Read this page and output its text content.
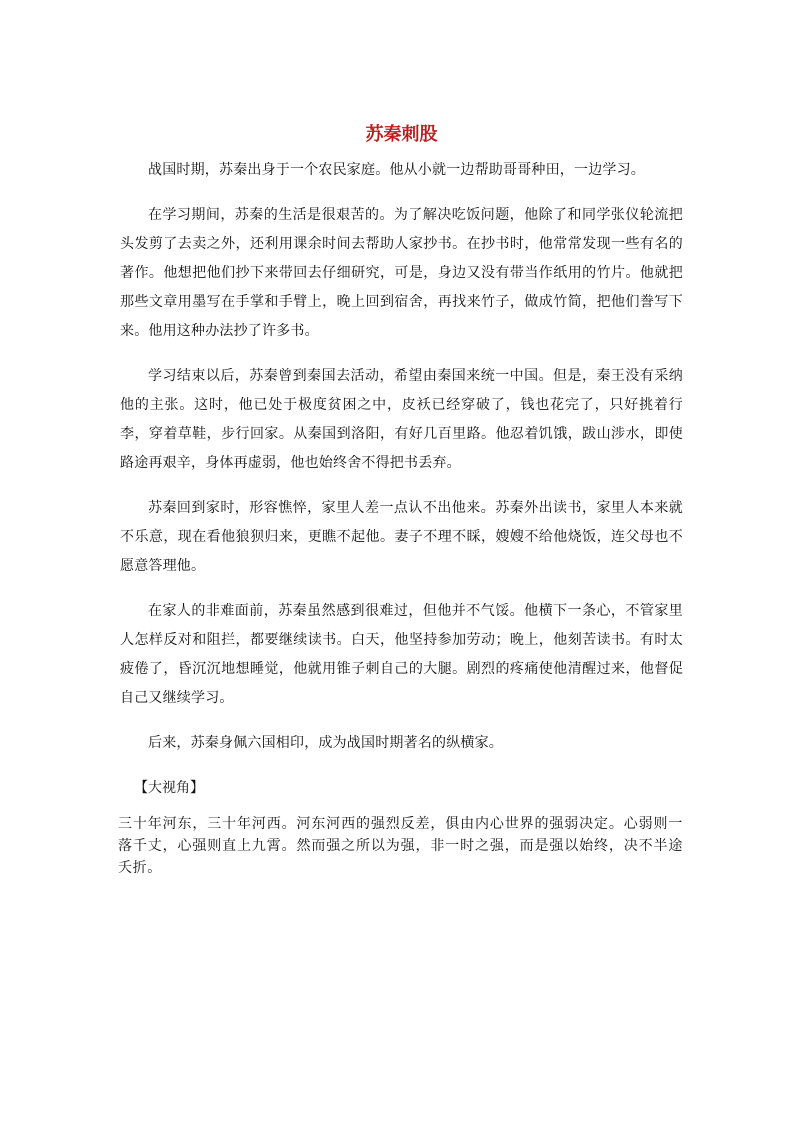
苏秦刺股

战国时期，苏秦出身于一个农民家庭。他从小就一边帮助哥哥种田，一边学习。

在学习期间，苏秦的生活是很艰苦的。为了解决吃饭问题，他除了和同学张仪轮流把头发剪了去卖之外，还利用课余时间去帮助人家抄书。在抄书时，他常常发现一些有名的著作。他想把他们抄下来带回去仔细研究，可是，身边又没有带当作纸用的竹片。他就把那些文章用墨写在手掌和手臂上，晚上回到宿舍，再找来竹子，做成竹简，把他们誊写下来。他用这种办法抄了许多书。

学习结束以后，苏秦曾到秦国去活动，希望由秦国来统一中国。但是，秦王没有采纳他的主张。这时，他已处于极度贫困之中，皮袄已经穿破了，钱也花完了，只好挑着行李，穿着草鞋，步行回家。从秦国到洛阳，有好几百里路。他忍着饥饿，跋山涉水，即使路途再艰辛，身体再虚弱，他也始终舍不得把书丢弃。

苏秦回到家时，形容憔悴，家里人差一点认不出他来。苏秦外出读书，家里人本来就不乐意，现在看他狼狈归来，更瞧不起他。妻子不理不睬，嫂嫂不给他烧饭，连父母也不愿意答理他。

在家人的非难面前，苏秦虽然感到很难过，但他并不气馁。他横下一条心，不管家里人怎样反对和阻拦，都要继续读书。白天，他坚持参加劳动；晚上，他刻苦读书。有时太疲倦了，昏沉沉地想睡觉，他就用锥子刺自己的大腿。剧烈的疼痛使他清醒过来，他督促自己又继续学习。

后来，苏秦身佩六国相印，成为战国时期著名的纵横家。

【大视角】

三十年河东，三十年河西。河东河西的强烈反差，俱由内心世界的强弱决定。心弱则一落千丈，心强则直上九霄。然而强之所以为强，非一时之强，而是强以始终，决不半途夭折。
